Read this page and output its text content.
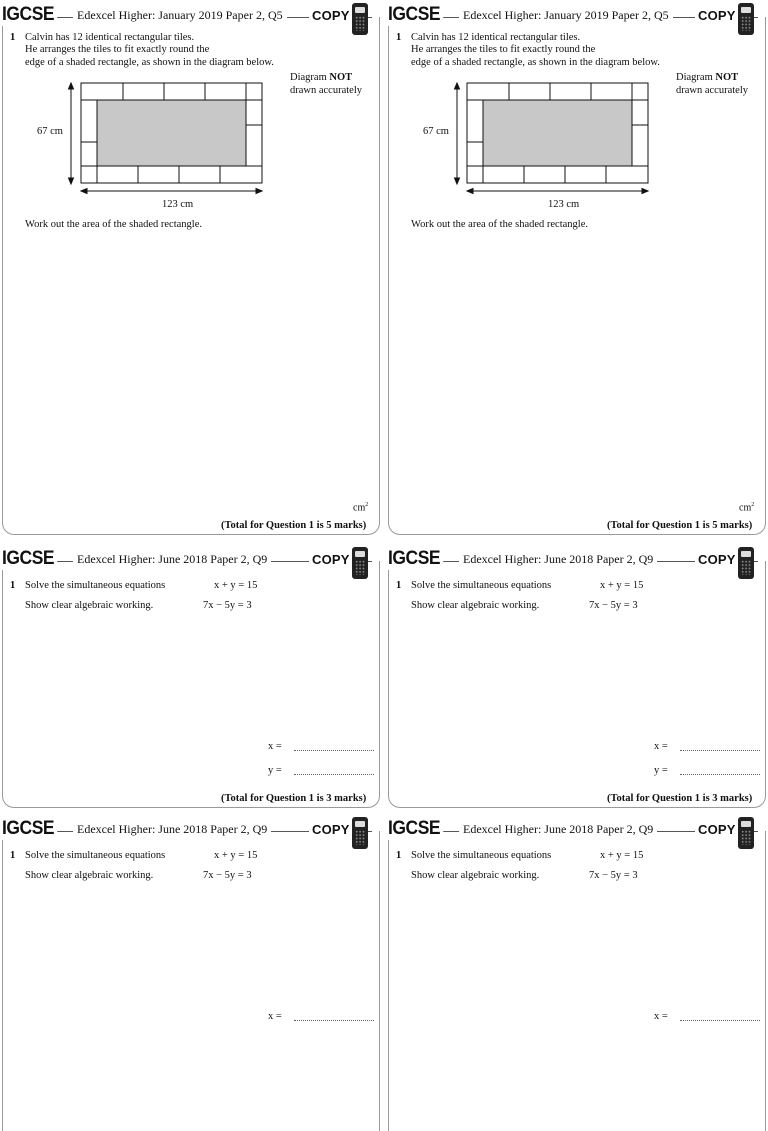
IGCSE	Edexcel Higher: January 2019 Paper 2, Q5	COPY
1 Calvin has 12 identical rectangular tiles.
He arranges the tiles to fit exactly round the
edge of a shaded rectangle, as shown in the diagram below.
Diagram NOT
drawn accurately
67 cm
123 cm
Work out the area of the shaded rectangle.
$cm^2$
(Total for Question 1 is 5 marks)
IGCSE	Edexcel Higher: January 2019 Paper 2, Q5	COPY
1 Calvin has 12 identical rectangular tiles.
He arranges the tiles to fit exactly round the
edge of a shaded rectangle, as shown in the diagram below.
Diagram NOT
drawn accurately
67 cm
123 cm
Work out the area of the shaded rectangle.
$cm^2$
(Total for Question 1 is 5 marks)
IGCSE	Edexcel Higher: June 2018 Paper 2, Q9	COPY
1 Solve the simultaneous equations
Show clear algebraic working.
x + y = 15
7x − 5y = 3
x =
y =
(Total for Question 1 is 3 marks)
IGCSE	Edexcel Higher: June 2018 Paper 2, Q9	COPY
1 Solve the simultaneous equations
Show clear algebraic working.
x + y = 15
7x − 5y = 3
x =
y =
(Total for Question 1 is 3 marks)
IGCSE	Edexcel Higher: June 2018 Paper 2, Q9	COPY
1 Solve the simultaneous equations
Show clear algebraic working.
x + y = 15
7x − 5y = 3
x =
IGCSE	Edexcel Higher: June 2018 Paper 2, Q9	COPY
1 Solve the simultaneous equations
Show clear algebraic working.
x + y = 15
7x − 5y = 3
x =
